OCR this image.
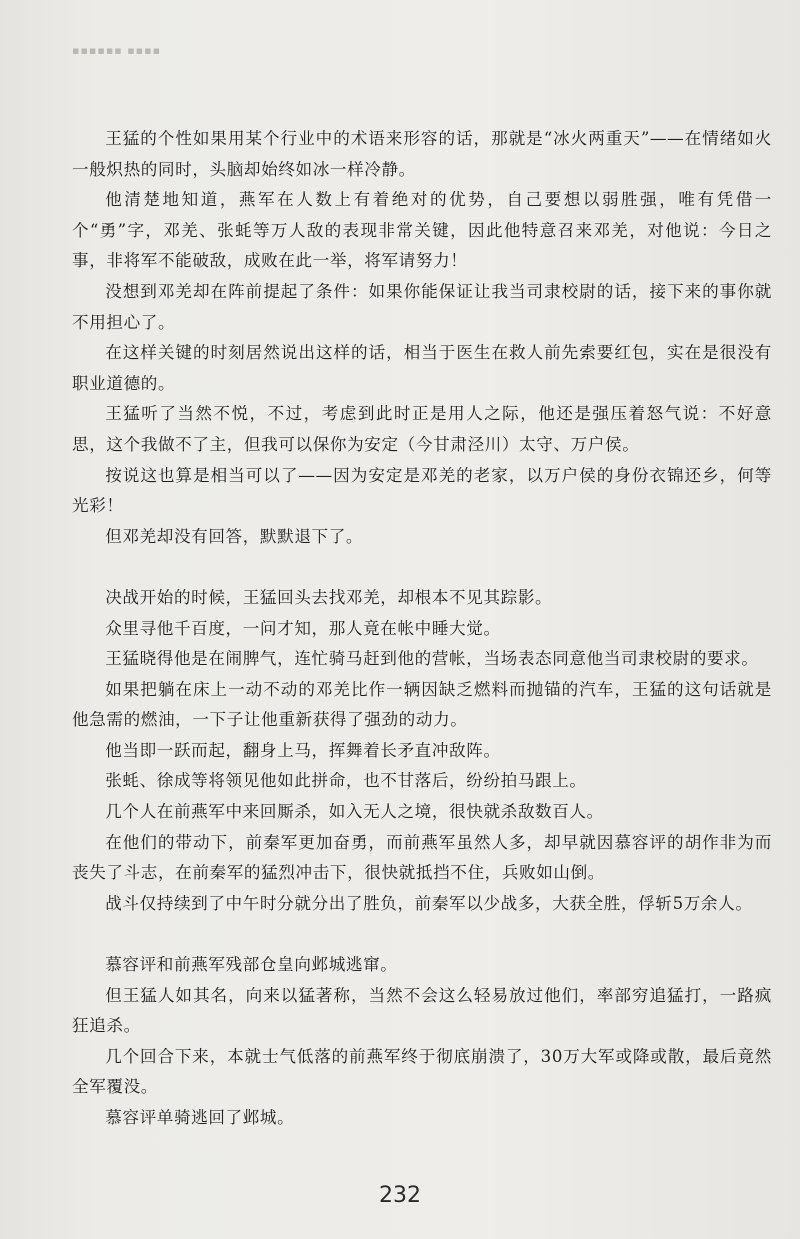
▪▪▪▪▪▪ ▪▪▪▪

王猛的个性如果用某个行业中的术语来形容的话，那就是“冰火两重天”——在情绪如火一般炽热的同时，头脑却始终如冰一样冷静。

他清楚地知道，燕军在人数上有着绝对的优势，自己要想以弱胜强，唯有凭借一个“勇”字，邓羌、张蚝等万人敌的表现非常关键，因此他特意召来邓羌，对他说：今日之事，非将军不能破敌，成败在此一举，将军请努力！

没想到邓羌却在阵前提起了条件：如果你能保证让我当司隶校尉的话，接下来的事你就不用担心了。

在这样关键的时刻居然说出这样的话，相当于医生在救人前先索要红包，实在是很没有职业道德的。

王猛听了当然不悦，不过，考虑到此时正是用人之际，他还是强压着怒气说：不好意思，这个我做不了主，但我可以保你为安定（今甘肃泾川）太守、万户侯。

按说这也算是相当可以了——因为安定是邓羌的老家，以万户侯的身份衣锦还乡，何等光彩！

但邓羌却没有回答，默默退下了。

决战开始的时候，王猛回头去找邓羌，却根本不见其踪影。

众里寻他千百度，一问才知，那人竟在帐中睡大觉。

王猛晓得他是在闹脾气，连忙骑马赶到他的营帐，当场表态同意他当司隶校尉的要求。

如果把躺在床上一动不动的邓羌比作一辆因缺乏燃料而抛锚的汽车，王猛的这句话就是他急需的燃油，一下子让他重新获得了强劲的动力。

他当即一跃而起，翻身上马，挥舞着长矛直冲敌阵。

张蚝、徐成等将领见他如此拼命，也不甘落后，纷纷拍马跟上。

几个人在前燕军中来回厮杀，如入无人之境，很快就杀敌数百人。

在他们的带动下，前秦军更加奋勇，而前燕军虽然人多，却早就因慕容评的胡作非为而丧失了斗志，在前秦军的猛烈冲击下，很快就抵挡不住，兵败如山倒。

战斗仅持续到了中午时分就分出了胜负，前秦军以少战多，大获全胜，俘斩5万余人。

慕容评和前燕军残部仓皇向邺城逃窜。

但王猛人如其名，向来以猛著称，当然不会这么轻易放过他们，率部穷追猛打，一路疯狂追杀。

几个回合下来，本就士气低落的前燕军终于彻底崩溃了，30万大军或降或散，最后竟然全军覆没。

慕容评单骑逃回了邺城。

232
